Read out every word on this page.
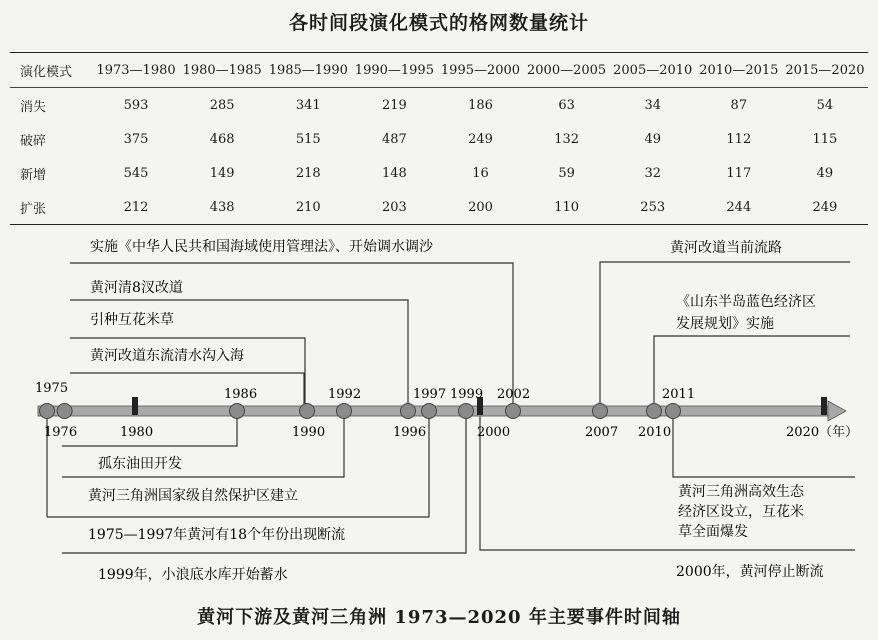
各时间段演化模式的格网数量统计
演化模式	1973—1980	1980—1985	1985—1990	1990—1995	1995—2000	2000—2005	2005—2010	2010—2015	2015—2020
消失	593	285	341	219	186	63	34	87	54
破碎	375	468	515	487	249	132	49	112	115
新增	545	149	218	148	16	59	32	117	49
扩张	212	438	210	203	200	110	253	244	249
实施《中华人民共和国海域使用管理法》、开始调水调沙
黄河清8汊改道
引种互花米草
黄河改道东流清水沟入海
黄河改道当前流路
《山东半岛蓝色经济区
发展规划》实施
孤东油田开发
黄河三角洲国家级自然保护区建立
1975—1997年黄河有18个年份出现断流
1999年，小浪底水库开始蓄水	2000年，黄河停止断流
黄河三角洲高效生态
经济区设立，互花米
草全面爆发
1975
1976
1986
1990
1992
1996
1997 1999 2002
2007 2010
2011
1980	2000	2020（年）
黄河下游及黄河三角洲 1973—2020 年主要事件时间轴
